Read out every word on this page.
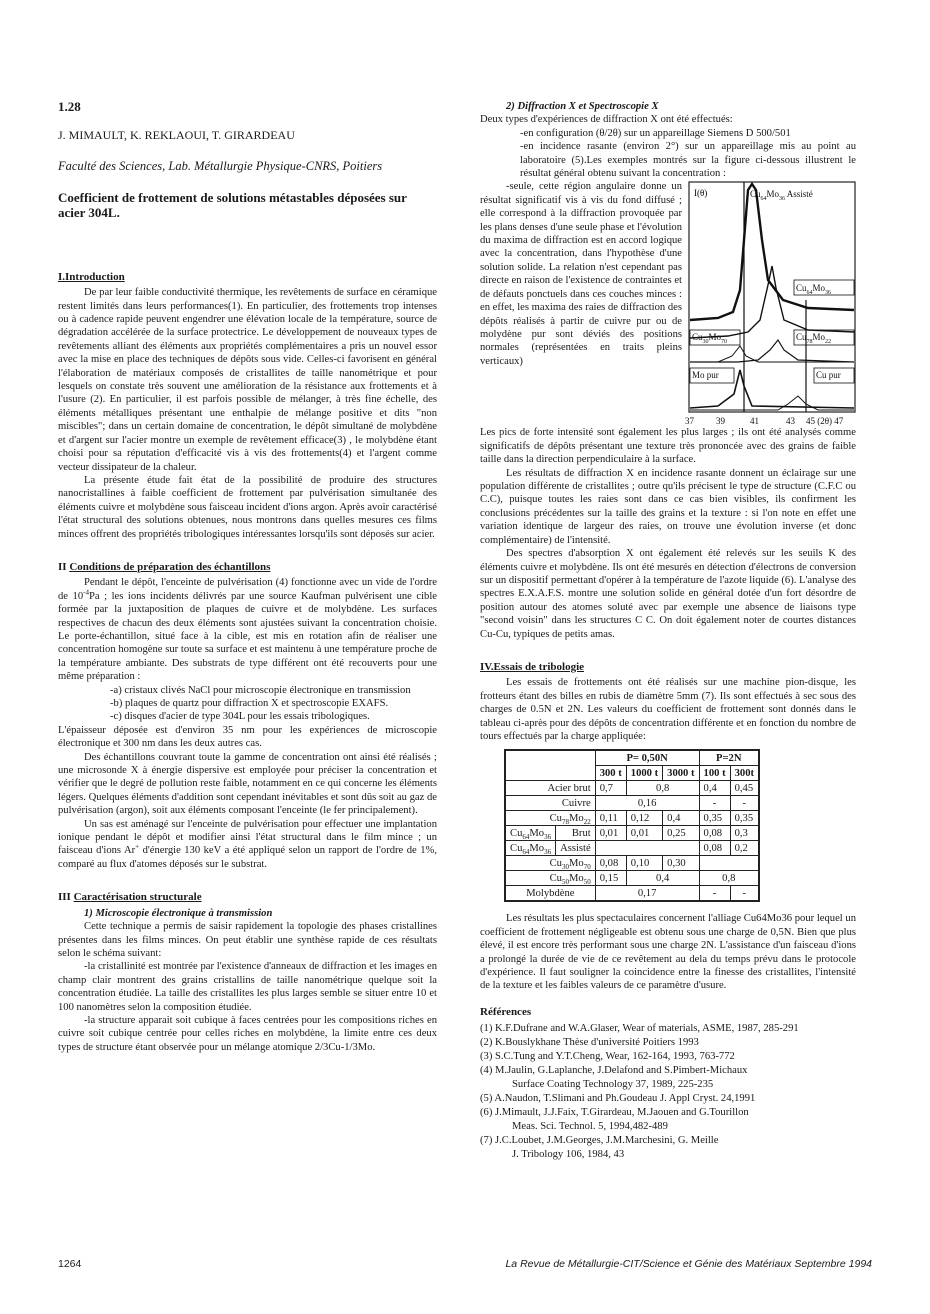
1.28

J. MIMAULT, K. REKLAOUI, T. GIRARDEAU

Faculté des Sciences, Lab. Métallurgie Physique-CNRS, Poitiers

Coefficient de frottement de solutions métastables déposées sur acier 304L.

I.Introduction

De par leur faible conductivité thermique, les revêtements de surface en céramique restent limités dans leurs performances(1). En particulier, des frottements trop intenses ou à cadence rapide peuvent engendrer une élévation locale de la température, source de dégradation accélérée de la surface protectrice. Le développement de nouveaux types de revêtements alliant des éléments aux propriétés complémentaires a pris un nouvel essor avec la mise en place des techniques de dépôts sous vide. Celles-ci favorisent en général l'élaboration de matériaux composés de cristallites de taille nanométrique et pour lesquels on constate très souvent une amélioration de la résistance aux frottements et à l'usure (2). En particulier, il est parfois possible de mélanger, à très fine échelle, des éléments métalliques présentant une enthalpie de mélange positive et dits "non miscibles"; dans un certain domaine de concentration, le dépôt simultané de molybdène et d'argent sur l'acier montre un exemple de revêtement efficace(3) , le molybdène étant choisi pour sa réputation d'efficacité vis à vis des frottements(4) et l'argent comme vecteur dissipateur de la chaleur.

La présente étude fait état de la possibilité de produire des structures nanocristallines à faible coefficient de frottement par pulvérisation simultanée des éléments cuivre et molybdène sous faisceau incident d'ions argon. Après avoir caractérisé l'état structural des solutions obtenues, nous montrons dans quelles mesures ces films minces offrent des propriétés tribologiques intéressantes lorsqu'ils sont déposés sur acier.

II Conditions de préparation des échantillons

Pendant le dépôt, l'enceinte de pulvérisation (4) fonctionne avec un vide de l'ordre de $10^{-4}Pa$ ; les ions incidents délivrés par une source Kaufman pulvérisent une cible formée par la juxtaposition de plaques de cuivre et de molybdène. Les surfaces respectives de chacun des deux éléments sont ajustées suivant la concentration choisie. Le porte-échantillon, situé face à la cible, est mis en rotation afin de réaliser une concentration homogène sur toute sa surface et est maintenu à une température proche de la température ambiante. Des substrats de type différent ont été recouverts pour une même préparation :

-a) cristaux clivés NaCl pour microscopie électronique en transmission

-b) plaques de quartz pour diffraction X et spectroscopie EXAFS.

-c) disques d'acier de type 304L pour les essais tribologiques.

L'épaisseur déposée est d'environ 35 nm pour les expériences de microscopie électronique et 300 nm dans les deux autres cas.

Des échantillons couvrant toute la gamme de concentration ont ainsi été réalisés ; une microsonde X à énergie dispersive est employée pour préciser la concentration et vérifier que le degré de pollution reste faible, notamment en ce qui concerne les éléments légers. Quelques éléments d'addition sont cependant inévitables et sont dûs soit au gaz de pulvérisation (argon), soit aux éléments composant l'enceinte (le fer principalement).

Un sas est aménagé sur l'enceinte de pulvérisation pour effectuer une implantation ionique pendant le dépôt et modifier ainsi l'état structural dans le film mince ; un faisceau d'ions Ar+ d'énergie 130 keV a été appliqué selon un rapport de l'ordre de 1%, comparé au flux d'atomes déposés sur le substrat.

III Caractérisation structurale

1) Microscopie électronique à transmission

Cette technique a permis de saisir rapidement la topologie des phases cristallines présentes dans les films minces. On peut établir une synthèse rapide de ces résultats selon le schéma suivant:

-la cristallinité est montrée par l'existence d'anneaux de diffraction et les images en champ clair montrent des grains cristallins de taille nanométrique quelque soit la concentration étudiée. La taille des cristallites les plus larges semble se situer entre 10 et 100 nanomètres selon la composition étudiée.

-la structure apparait soit cubique à faces centrées pour les compositions riches en cuivre soit cubique centrée pour celles riches en molybdène, la limite entre ces deux types de structure étant observée pour un mélange atomique 2/3Cu-1/3Mo.

2) Diffraction X et Spectroscopie X

Deux types d'expériences de diffraction X ont été effectués:

-en configuration (θ/2θ) sur un appareillage Siemens D 500/501

-en incidence rasante (environ 2°) sur un appareillage mis au point au laboratoire (5).Les exemples montrés sur la figure ci-dessous illustrent le résultat général obtenu suivant la concentration :

-seule, cette région angulaire donne un résultat significatif vis à vis du fond diffusé ; elle correspond à la diffraction provoquée par les plans denses d'une seule phase et l'évolution du maxima de diffraction est en accord logique avec la concentration, dans l'hypothèse d'une solution solide. La relation n'est cependant pas directe en raison de l'existence de contraintes et de défauts ponctuels dans ces couches minces : en effet, les maxima des raies de diffraction des dépôts réalisés à partir de cuivre pur ou de molydène pur sont déviés des positions normales (représentées en traits pleins verticaux)

I(θ)	$Cu_{64}Mo_{36}$ Assisté
$Cu_{64}Mo_{36}$
$Cu_{78}Mo_{22}$
$Cu_{30}Mo_{70}$
Mo pur	Cu pur
37 39	41	43 45 (2θ) 47

Les pics de forte intensité sont également les plus larges ; ils ont été analysés comme significatifs de dépôts présentant une texture très prononcée avec des grains de faible taille dans la direction perpendiculaire à la surface.

Les résultats de diffraction X en incidence rasante donnent un éclairage sur une population différente de cristallites ; outre qu'ils précisent le type de structure (C.F.C ou C.C), puisque toutes les raies sont dans ce cas bien visibles, ils confirment les conclusions précédentes sur la taille des grains et la texture : si l'on note en effet une variation identique de largeur des raies, on trouve une évolution inverse (et donc complémentaire) de l'intensité.

Des spectres d'absorption X ont également été relevés sur les seuils K des éléments cuivre et molybdène. Ils ont été mesurés en détection d'électrons de conversion sur un dispositif permettant d'opérer à la température de l'azote liquide (6). L'analyse des spectres E.X.A.F.S. montre une solution solide en général dotée d'un fort désordre de position autour des atomes soluté avec par exemple une absence de liaisons type "second voisin" dans les structures C C. On doit également noter de courtes distances Cu-Cu, typiques de petits amas.

IV.Essais de tribologie

Les essais de frottements ont été réalisés sur une machine pion-disque, les frotteurs étant des billes en rubis de diamètre 5mm (7). Ils sont effectués à sec sous des charges de 0.5N et 2N. Les valeurs du coefficient de frottement sont donnés dans le tableau ci-après pour des dépôts de concentration différente et en fonction du nombre de tours effectués par la charge appliquée:

		P= 0,50N			P=2N	
		300 t	1000 t	3000 t	100 t	300t
Acier brut		0,7	0,8		0,4	0,45
Cuivre		0,16			-	-
$Cu_{78}Mo_{22}$		0,11	0,12	0,4	0,35	0,35
$Cu_{64}Mo_{36}$	Brut	0,01	0,01	0,25	0,08	0,3
$Cu_{64}Mo_{36}$	Assisté				0,08	0,2
$Cu_{30}Mo_{70}$		0,08	0,10	0,30		
$Cu_{50}Mo_{50}$		0,15	0,4		0,8	
Molybdène		0,17			-	-

Les résultats les plus spectaculaires concernent l'alliage Cu64Mo36 pour lequel un coefficient de frottement négligeable est obtenu sous une charge de 0,5N. Bien que plus élevé, il est encore très performant sous une charge 2N. L'assistance d'un faisceau d'ions a prolongé la durée de vie de ce revêtement au dela du temps prévu dans le protocole d'expérience. Il faut souligner la coincidence entre la finesse des cristallites, l'intensité de la texture et les faibles valeurs de ce paramètre d'usure.

Références

(1) K.F.Dufrane and W.A.Glaser, Wear of materials, ASME, 1987, 285-291

(2) K.Bouslykhane Thèse d'université Poitiers 1993

(3) S.C.Tung and Y.T.Cheng, Wear, 162-164, 1993, 763-772

(4) M.Jaulin, G.Laplanche, J.Delafond and S.Pimbert-Michaux

Surface Coating Technology 37, 1989, 225-235

(5) A.Naudon, T.Slimani and Ph.Goudeau J. Appl Cryst. 24,1991

(6) J.Mimault, J.J.Faix, T.Girardeau, M.Jaouen and G.Tourillon

Meas. Sci. Technol. 5, 1994,482-489

(7) J.C.Loubet, J.M.Georges, J.M.Marchesini, G. Meille

J. Tribology 106, 1984, 43

1264	La Revue de Métallurgie-CIT/Science et Génie des Matériaux Septembre 1994
